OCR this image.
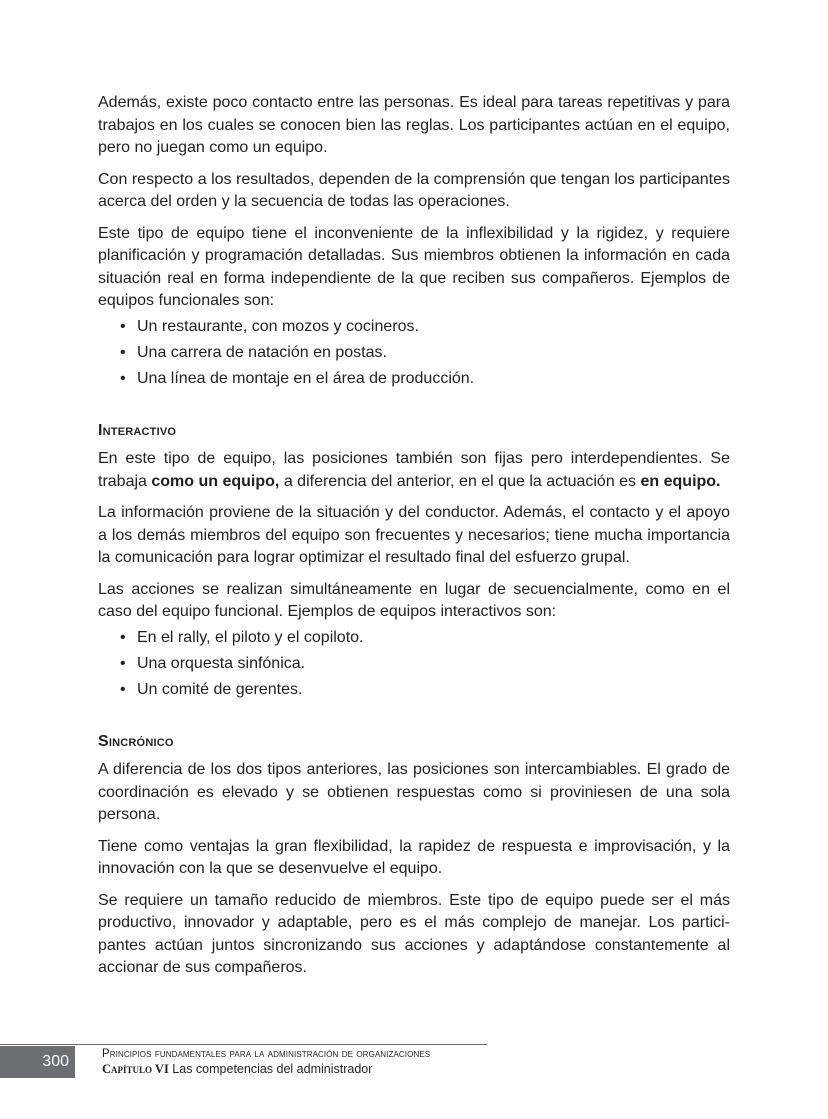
Además, existe poco contacto entre las personas. Es ideal para tareas repetitivas y para trabajos en los cuales se conocen bien las reglas. Los participantes actúan en el equipo, pero no juegan como un equipo.

Con respecto a los resultados, dependen de la comprensión que tengan los participantes acerca del orden y la secuencia de todas las operaciones.

Este tipo de equipo tiene el inconveniente de la inflexibilidad y la rigidez, y requiere planificación y programación detalladas. Sus miembros obtienen la información en cada situación real en forma independiente de la que reciben sus compañeros. Ejemplos de equipos funcionales son:

• Un restaurante, con mozos y cocineros.
• Una carrera de natación en postas.
• Una línea de montaje en el área de producción.
Interactivo

En este tipo de equipo, las posiciones también son fijas pero interdependientes. Se trabaja como un equipo, a diferencia del anterior, en el que la actuación es en equipo.

La información proviene de la situación y del conductor. Además, el contacto y el apoyo a los demás miembros del equipo son frecuentes y necesarios; tiene mucha importancia la comunicación para lograr optimizar el resultado final del esfuerzo grupal.

Las acciones se realizan simultáneamente en lugar de secuencialmente, como en el caso del equipo funcional. Ejemplos de equipos interactivos son:

• En el rally, el piloto y el copiloto.
• Una orquesta sinfónica.
• Un comité de gerentes.
Sincrónico

A diferencia de los dos tipos anteriores, las posiciones son intercambiables. El grado de coordinación es elevado y se obtienen respuestas como si proviniesen de una sola persona.

Tiene como ventajas la gran flexibilidad, la rapidez de respuesta e improvisación, y la innovación con la que se desenvuelve el equipo.

Se requiere un tamaño reducido de miembros. Este tipo de equipo puede ser el más productivo, innovador y adaptable, pero es el más complejo de manejar. Los participantes actúan juntos sincronizando sus acciones y adaptándose constantemente al accionar de sus compañeros.

300	Principios fundamentales para la administración de organizaciones
Capítulo VI Las competencias del administrador
